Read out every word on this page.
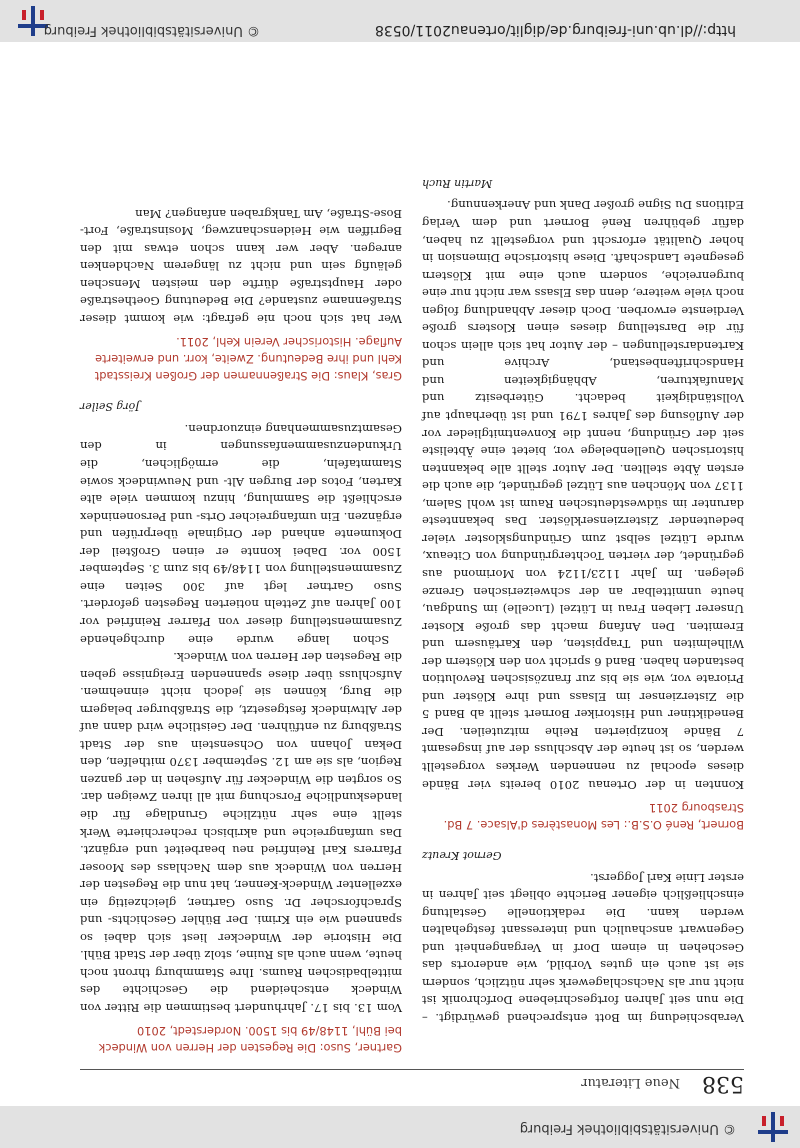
© Universitätsbibliothek Freiburg
http://dl.ub.uni-freiburg.de/diglit/ortenau2011/0538
© Universitätsbibliothek Freiburg
538
Neue Literatur

Verabschiedung im Bott entsprechend gewürdigt. – Die nun seit Jahren fortgeschriebene Dorfchronik ist nicht nur als Nachschlagewerk sehr nützlich, sondern sie ist auch ein gutes Vorbild, wie anderorts das Geschehen in einem Dorf in Vergangenheit und Gegenwart anschaulich und interessant festgehalten werden kann. Die redaktionelle Gestaltung einschließlich eigener Berichte obliegt seit Jahren in erster Linie Karl Joggerst.

Gernot Kreutz
Bornert, René O.S.B.: Les Monastères d'Alsace. 7 Bd. Strasbourg 2011

Konnten in der Ortenau 2010 bereits vier Bände dieses epochal zu nennenden Werkes vorgestellt werden, so ist heute der Abschluss der auf insgesamt 7 Bände konzipierten Reihe mitzuteilen. Der Benediktiner und Historiker Bornert stellt ab Band 5 die Zisterzienser im Elsass und ihre Klöster und Priorate vor, wie sie bis zur französischen Revolution bestanden haben. Band 6 spricht von den Klöstern der Wilhelmiten und Trappisten, den Kartäusern und Eremiten. Den Anfang macht das große Kloster Unserer Lieben Frau in Lützel (Lucelle) im Sundgau, heute unmittelbar an der schweizerischen Grenze gelegen. Im Jahr 1123/1124 von Morimond aus gegründet, der vierten Tochtergründung von Citeaux, wurde Lützel selbst zum Gründungskloster vieler bedeutender Zisterzienserklöster. Das bekannteste darunter im südwestdeutschen Raum ist wohl Salem, 1137 von Mönchen aus Lützel gegründet, die auch die ersten Äbte stellten. Der Autor stellt alle bekannten historischen Quellenbelege vor, bietet eine Äbteliste seit der Gründung, nennt die Konventmitglieder vor der Auflösung des Jahres 1791 und ist überhaupt auf Vollständigkeit bedacht. Güterbesitz und Manufakturen, Abhängigkeiten und Handschriftenbestand, Archive und Kartendarstellungen – der Autor hat sich allein schon für die Darstellung dieses einen Klosters große Verdienste erworben. Doch dieser Abhandlung folgen noch viele weitere, denn das Elsass war nicht nur eine burgenreiche, sondern auch eine mit Klöstern gesegnete Landschaft. Diese historische Dimension in hoher Qualität erforscht und vorgestellt zu haben, dafür gebühren René Bornert und dem Verlag Editions Du Signe großer Dank und Anerkennung.

Martin Ruch
Gartner, Suso: Die Regesten der Herren von Windeck bei Bühl, 1148/49 bis 1500. Norderstedt, 2010

Vom 13. bis 17. Jahrhundert bestimmen die Ritter von Windeck entscheidend die Geschichte des mittelbadischen Raums. Ihre Stammburg thront noch heute, wenn auch als Ruine, stolz über der Stadt Bühl. Die Historie der Windecker liest sich dabei so spannend wie ein Krimi. Der Bühler Geschichts- und Sprachforscher Dr. Suso Gartner, gleichzeitig ein exzellenter Windeck-Kenner, hat nun die Regesten der Herren von Windeck aus dem Nachlass des Mooser Pfarrers Karl Reinfried neu bearbeitet und ergänzt. Das umfangreiche und akribisch recherchierte Werk stellt eine sehr nützliche Grundlage für die landeskundliche Forschung mit all ihren Zweigen dar. So sorgten die Windecker für Aufsehen in der ganzen Region, als sie am 12. September 1370 mithelfen, den Dekan Johann von Ochsenstein aus der Stadt Straßburg zu entführen. Der Geistliche wird dann auf der Altwindeck festgesetzt, die Straßburger belagern die Burg, können sie jedoch nicht einnehmen. Aufschluss über diese spannenden Ereignisse geben die Regesten der Herren von Windeck.

Schon lange wurde eine durchgehende Zusammenstellung dieser von Pfarrer Reinfried vor 100 Jahren auf Zetteln notierten Regesten gefordert. Suso Gartner legt auf 300 Seiten eine Zusammenstellung von 1148/49 bis zum 3. September 1500 vor. Dabei konnte er einen Großteil der Dokumente anhand der Originale überprüfen und ergänzen. Ein umfangreicher Orts- und Personenindex erschließt die Sammlung, hinzu kommen viele alte Karten, Fotos der Burgen Alt- und Neuwindeck sowie Stammtafeln, die ermöglichen, die Urkundenzusammenfassungen in den Gesamtzusammenhang einzuordnen.

Jörg Seiler
Gras, Klaus: Die Straßennamen der Großen Kreisstadt Kehl und ihre Bedeutung. Zweite, korr. und erweiterte Auflage. Historischer Verein Kehl, 2011.

Wer hat sich noch nie gefragt: wie kommt dieser Straßenname zustande? Die Bedeutung Goethestraße oder Hauptstraße dürfte den meisten Menschen geläufig sein und nicht zu längerem Nachdenken anregen. Aber wer kann schon etwas mit den Begriffen wie Heidenschanzweg, Mosinstraße, Fort-Bose-Straße, Am Tankgraben anfangen? Man
